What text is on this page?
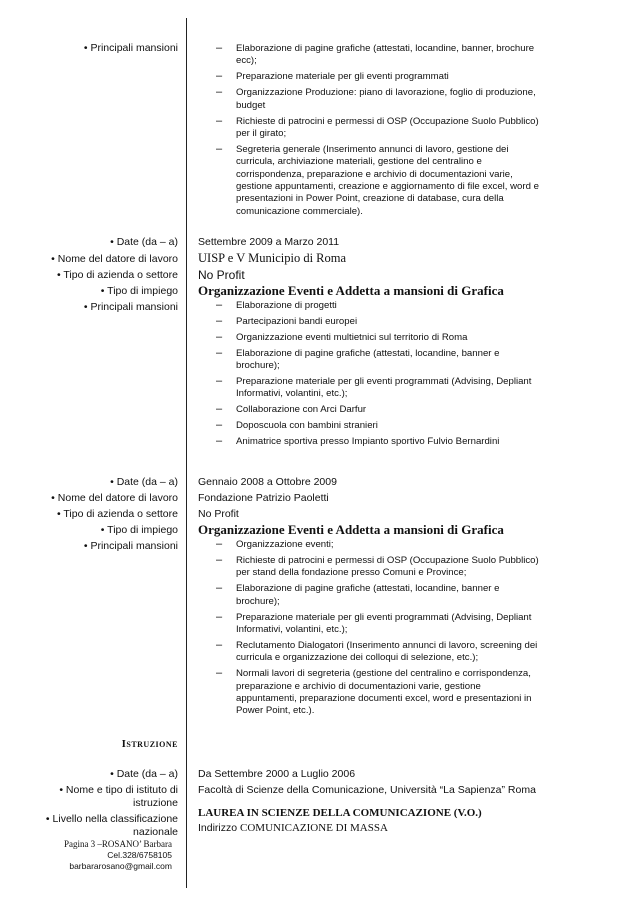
• Principali mansioni
–	Elaborazione di pagine grafiche (attestati, locandine, banner, brochure ecc);
– Preparazione materiale per gli eventi programmati
– Organizzazione Produzione: piano di lavorazione, foglio di produzione, budget
– Richieste di patrocini e permessi di OSP (Occupazione Suolo Pubblico) per il girato;
– Segreteria generale (Inserimento annunci di lavoro, gestione dei curricula, archiviazione materiali, gestione del centralino e corrispondenza, preparazione e archivio di documentazioni varie, gestione appuntamenti, creazione e aggiornamento di file excel, word e presentazioni in Power Point, creazione di database, cura della comunicazione commerciale).
• Date (da – a)
• Nome del datore di lavoro
• Tipo di azienda o settore
• Tipo di impiego
• Principali mansioni
Settembre 2009 a Marzo 2011
UISP e V Municipio di Roma
No Profit
Organizzazione Eventi e Addetta a mansioni di Grafica
– Elaborazione di progetti
– Partecipazioni bandi europei
– Organizzazione eventi multietnici sul territorio di Roma
– Elaborazione di pagine grafiche (attestati, locandine, banner e brochure);
– Preparazione materiale per gli eventi programmati (Advising, Depliant Informativi, volantini, etc.);
– Collaborazione con Arci Darfur
– Doposcuola con bambini stranieri
– Animatrice sportiva presso Impianto sportivo Fulvio Bernardini
• Date (da – a)
• Nome del datore di lavoro
• Tipo di azienda o settore
• Tipo di impiego
• Principali mansioni
Gennaio 2008 a Ottobre 2009
Fondazione Patrizio Paoletti
No Profit
Organizzazione Eventi e Addetta a mansioni di Grafica
– Organizzazione eventi;
– Richieste di patrocini e permessi di OSP (Occupazione Suolo Pubblico) per stand della fondazione presso Comuni e Province;
– Elaborazione di pagine grafiche (attestati, locandine, banner e brochure);
– Preparazione materiale per gli eventi programmati (Advising, Depliant Informativi, volantini, etc.);
– Reclutamento Dialogatori (Inserimento annunci di lavoro, screening dei curricula e organizzazione dei colloqui di selezione, etc.);
– Normali lavori di segreteria (gestione del centralino e corrispondenza, preparazione e archivio di documentazioni varie, gestione appuntamenti, preparazione documenti excel, word e presentazioni in Power Point, etc.).
Istruzione
• Date (da – a)
• Nome e tipo di istituto di
istruzione
• Livello nella classificazione
nazionale
Da Settembre 2000 a Luglio 2006
Facoltà di Scienze della Comunicazione, Università “La Sapienza” Roma
LAUREA IN SCIENZE DELLA COMUNICAZIONE (V.O.)
Indirizzo COMUNICAZIONE DI MASSA
Pagina 3 –ROSANO’ Barbara
Cel.328/6758105
barbararosano@gmail.com
